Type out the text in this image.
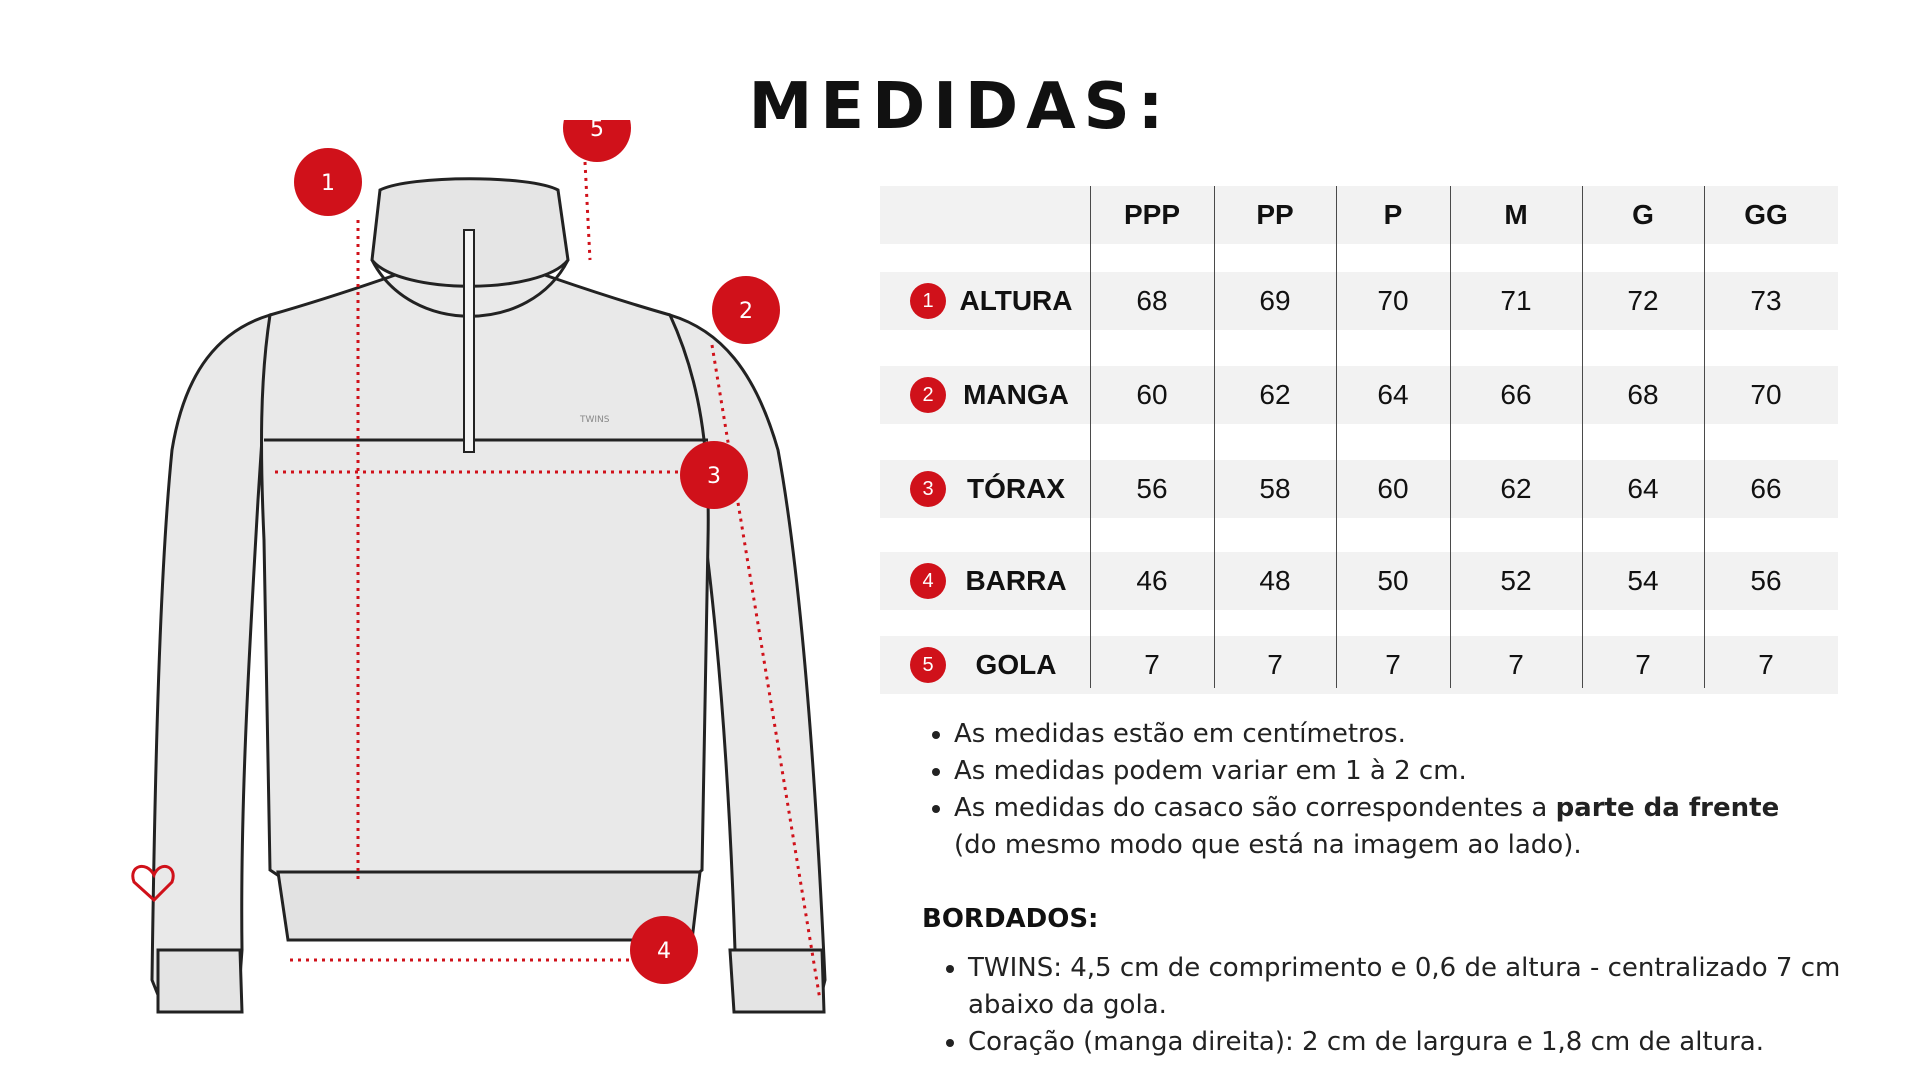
MEDIDAS:
TWINS
1
5
2
3
4
PPP	PP	P	M	G	GG
1 ALTURA	68	69	70	71	72	73
2	MANGA	60	62	64	66	68	70
3	TÓRAX	56	58	60	62	64	66
4	BARRA	46	48	50	52	54	56
5	GOLA	7	7	7	7	7	7
• As medidas estão em centímetros.
• As medidas podem variar em 1 à 2 cm.
• As medidas do casaco são correspondentes a parte da frente (do mesmo modo que está na imagem ao lado).
BORDADOS:
• TWINS: 4,5 cm de comprimento e 0,6 de altura - centralizado 7 cm abaixo da gola.
• Coração (manga direita): 2 cm de largura e 1,8 cm de altura.
